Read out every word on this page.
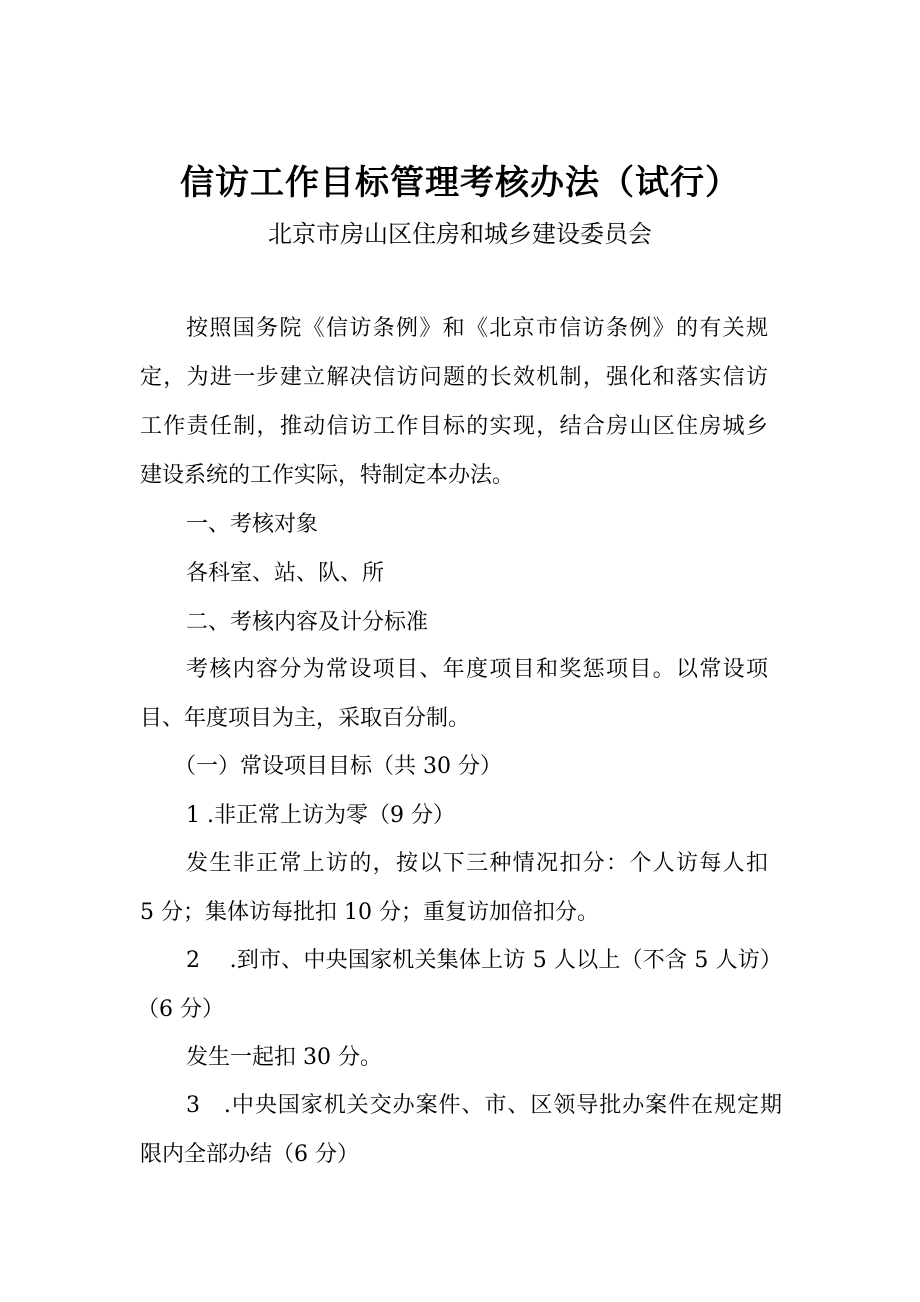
信访工作目标管理考核办法（试行）
北京市房山区住房和城乡建设委员会
按照国务院《信访条例》和《北京市信访条例》的有关规
定，为进一步建立解决信访问题的长效机制，强化和落实信访
工作责任制，推动信访工作目标的实现，结合房山区住房城乡
建设系统的工作实际，特制定本办法。
一、考核对象
各科室、站、队、所
二、考核内容及计分标准
考核内容分为常设项目、年度项目和奖惩项目。以常设项
目、年度项目为主，采取百分制。
（一）常设项目目标（共 30 分）
1 .非正常上访为零（9 分）
发生非正常上访的，按以下三种情况扣分：个人访每人扣
5 分；集体访每批扣 10 分；重复访加倍扣分。
2　 .到市、中央国家机关集体上访 5 人以上（不含 5 人访）
（6 分）
发生一起扣 30 分。
3　.中央国家机关交办案件、市、区领导批办案件在规定期
限内全部办结（6 分）
